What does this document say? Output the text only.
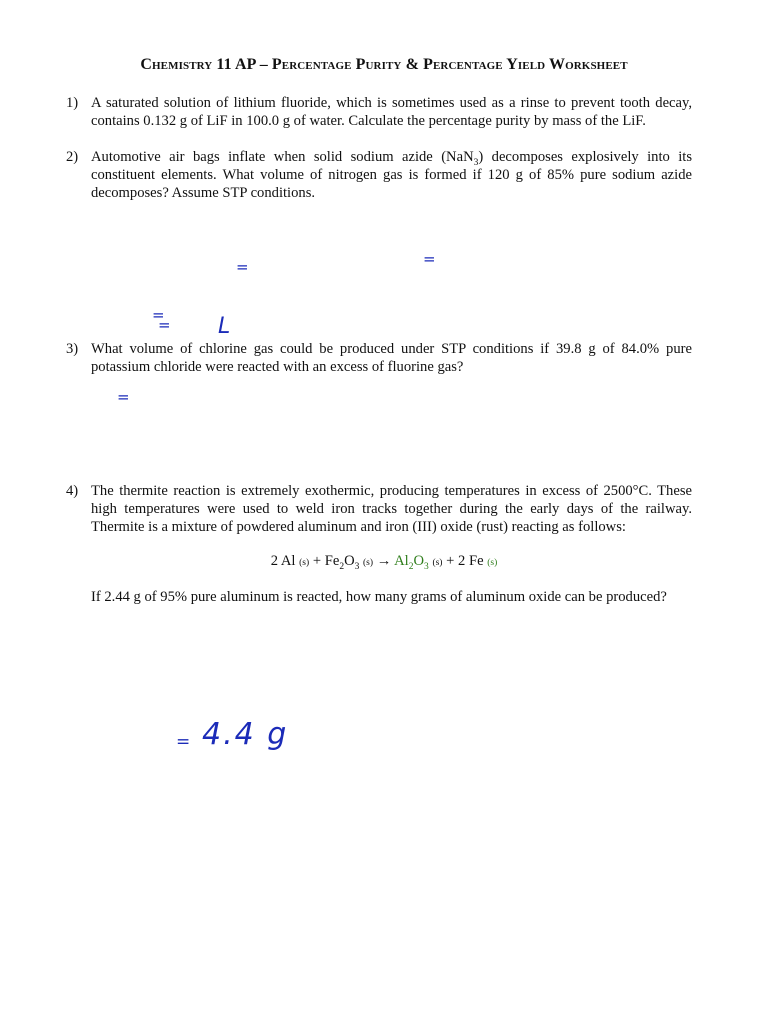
Chemistry 11 AP – Percentage Purity & Percentage Yield Worksheet
1) A saturated solution of lithium fluoride, which is sometimes used as a rinse to prevent tooth decay, contains 0.132 g of LiF in 100.0 g of water. Calculate the percentage purity by mass of the LiF.
2) Automotive air bags inflate when solid sodium azide (NaN$_3$) decomposes explosively into its constituent elements. What volume of nitrogen gas is formed if 120 g of 85% pure sodium azide decomposes? Assume STP conditions.
=	=
=
= L
3) What volume of chlorine gas could be produced under STP conditions if 39.8 g of 84.0% pure potassium chloride were reacted with an excess of fluorine gas?
=
4) The thermite reaction is extremely exothermic, producing temperatures in excess of 2500°C. These high temperatures were used to weld iron tracks together during the early days of the railway. Thermite is a mixture of powdered aluminum and iron (III) oxide (rust) reacting as follows:
2 Al $(s) + Fe_2O_3$ $(s) \to Al_2O_3$ (s) + 2 Fe (s)
If 2.44 g of 95% pure aluminum is reacted, how many grams of aluminum oxide can be produced?
= 4.4 g
